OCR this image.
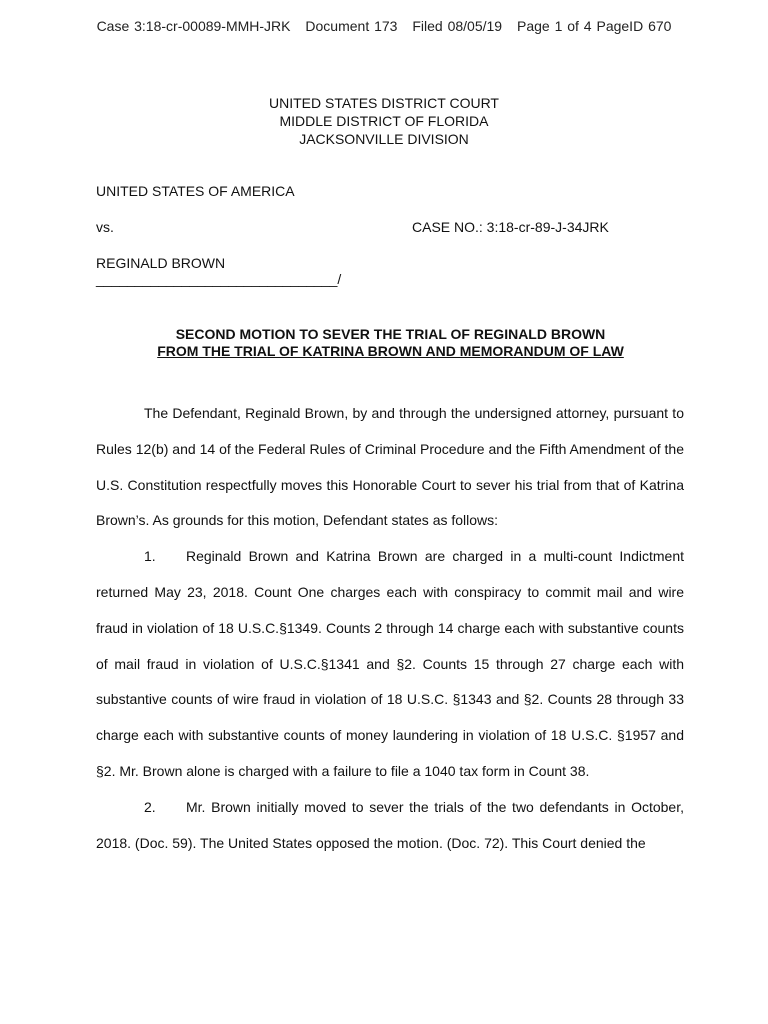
Case 3:18-cr-00089-MMH-JRK Document 173 Filed 08/05/19 Page 1 of 4 PageID 670
UNITED STATES DISTRICT COURT
MIDDLE DISTRICT OF FLORIDA
JACKSONVILLE DIVISION
UNITED STATES OF AMERICA
vs.	CASE NO.: 3:18-cr-89-J-34JRK
REGINALD BROWN
_______________________________/
SECOND MOTION TO SEVER THE TRIAL OF REGINALD BROWN
FROM THE TRIAL OF KATRINA BROWN AND MEMORANDUM OF LAW

The Defendant, Reginald Brown, by and through the undersigned attorney, pursuant to Rules 12(b) and 14 of the Federal Rules of Criminal Procedure and the Fifth Amendment of the U.S. Constitution respectfully moves this Honorable Court to sever his trial from that of Katrina Brown’s. As grounds for this motion, Defendant states as follows:

1. Reginald Brown and Katrina Brown are charged in a multi-count Indictment returned May 23, 2018. Count One charges each with conspiracy to commit mail and wire fraud in violation of 18 U.S.C.§1349. Counts 2 through 14 charge each with substantive counts of mail fraud in violation of U.S.C.§1341 and §2. Counts 15 through 27 charge each with substantive counts of wire fraud in violation of 18 U.S.C. §1343 and §2. Counts 28 through 33 charge each with substantive counts of money laundering in violation of 18 U.S.C. §1957 and §2. Mr. Brown alone is charged with a failure to file a 1040 tax form in Count 38.

2. Mr. Brown initially moved to sever the trials of the two defendants in October, 2018. (Doc. 59). The United States opposed the motion. (Doc. 72). This Court denied the
